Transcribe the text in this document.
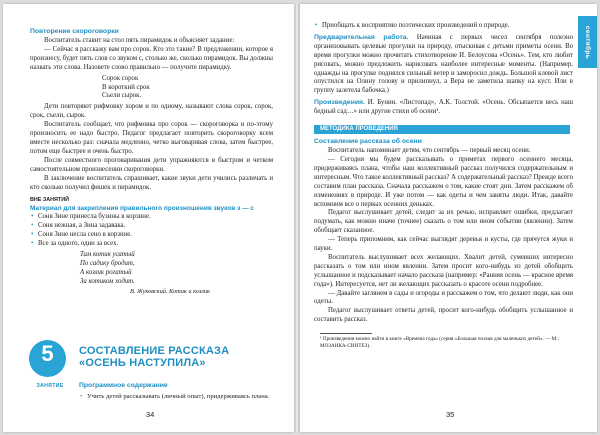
Повторение скороговорки

Воспитатель ставит на стол пять пирамидок и объясняет задание:

— Сейчас я расскажу вам про сорок. Кто это такие? В предложении, которое я произнесу, будет пять слов со звуком с, столько же, сколько пирамидок. Вы должны назвать эти слова. Назовете слово правильно — получите пирамидку.

Сорок сорок
В короткий срок
Съели сырок.

Дети повторяют рифмовку хором и по одному, называют слова сорок, сорок, срок, съели, сырок.

Воспитатель сообщает, что рифмовка про сорок — скороговорка и по-этому произносить ее надо быстро. Педагог предлагает повторить скороговорку всем вместе несколько раз: сначала медленно, четко выговаривая слова, затем быстрее, потом еще быстрее и очень быстро.

После совместного проговаривания дети упражняются в быстром и четком самостоятельном произнесении скороговорки.

В заключение воспитатель спрашивает, какие звуки дети учились различать и кто сколько получил фишек и пирамидок.

ВНЕ ЗАНЯТИЙ
Материал для закрепления правильного произношения звуков з — с
• Соня Зине принесла бузины в корзине.
• Соня нежная, а Зина задавака.
• Соня Зине несла сено в корзине.
• Все за одного, один за всех.
Там котик усатый
По садику бродит,
А козлик рогатый
За котиком ходит.
В. Жуковский. Котик и козлик
5
ЗАНЯТИЕ
СОСТАВЛЕНИЕ РАССКАЗА «ОСЕНЬ НАСТУПИЛА»
Программное содержание
• Учить детей рассказывать (личный опыт), придерживаясь плана.
34
сентябрь
• Приобщать к восприятию поэтических произведений о природе.

Предварительная работа. Начиная с первых чисел сентября полезно организовывать целевые прогулки на природу, отыскивая с детьми приметы осени. Во время прогулки можно прочитать стихотворение И. Белоусова «Осень». Тем, кто любит рисовать, можно предложить нарисовать наиболее интересные моменты. (Например, однажды на прогулке поднялся сильный ветер и заморосил дождь. Большой клевой лист опустился на Олину голову и прилипнул, а Вера не заметила шапку на куст. Или в группу залетела бабочка.)

Произведения. И. Бунин. «Листопад», А.К. Толстой. «Осень. Обсыпается весь наш бедный сад…» или другие стихи об осени¹.

МЕТОДИКА ПРОВЕДЕНИЯ
Составление рассказа об осени

Воспитатель напоминает детям, что сентябрь — первый месяц осени.

— Сегодня мы будем рассказывать о приметах первого осеннего месяца, придерживаясь плана, чтобы наш коллективный рассказ получился содержательным и интересным. Что такое коллективный рассказ? А содержательный рассказ? Прежде всего составим план рассказа. Сначала расскажем о том, какие стоят дни. Затем расскажем об изменениях в природе. И уже потом — как одеты и чем заняты люди. Итак, давайте вспомним все о первых осенних деньках.

Педагог выслушивает детей, следит за их речью, исправляет ошибки, предлагает подумать, как можно иначе (точнее) сказать о том или ином событии (явлении). Затем обобщает сказанное.

— Теперь припомним, как сейчас выглядят деревья и кусты, где прячутся жуки и пауки.

Воспитатель выслушивает всех желающих. Хвалит детей, сумевших интересно рассказать о том или ином явлении. Затем просит кого-нибудь из детей обобщить услышанное и подсказывает начало рассказа (например: «Ранняя осень — красное время года»). Интересуется, нет ли желающих рассказать о красоте осени подробнее.

— Давайте заглянем в сады и огороды и расскажем о том, что делают люди, как они одеты.

Педагог выслушивает ответы детей, просит кого-нибудь обобщить услышанное и составить рассказ.

¹ Произведения можно найти в книге «Времена года» (серия «Большая поэзия для маленьких детей». — М.: МОЗАИКА-СИНТЕЗ).
35
